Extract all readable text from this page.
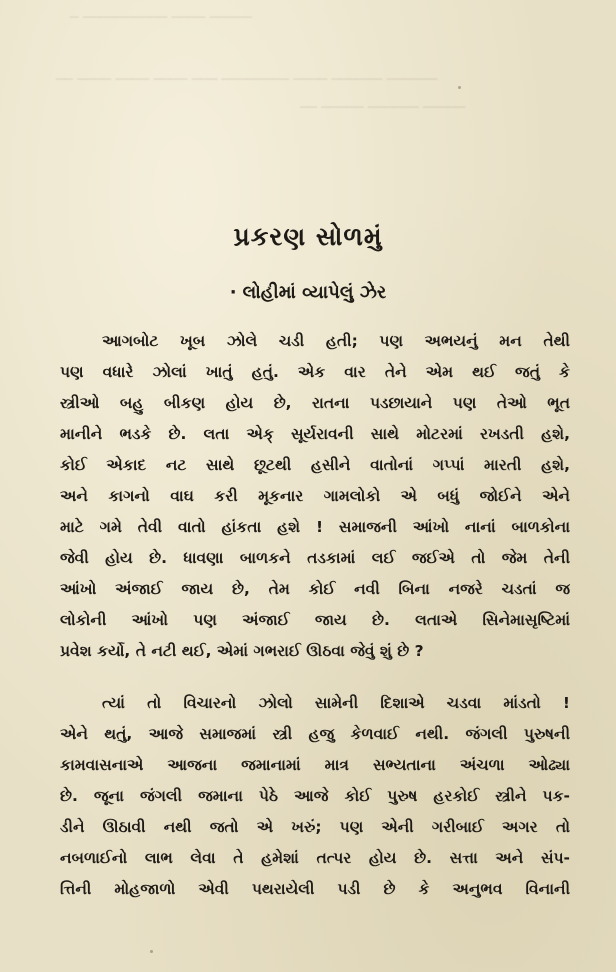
───── ──── ────────── ─
────── ────── ──── ──────── ─── ──── ──── ──── ──
───── ────── ───── ──
પ્રકરણ સોળમું
· લોહીમાં વ્યાપેલું ઝેર
આગબોટ ખૂબ ઝોલે ચડી હતી; પણ અભયનું મન તેથી
પણ વધારે ઝોલાં ખાતું હતું. એક વાર તેને એમ થઈ જતું કે
સ્ત્રીઓ બહુ બીકણ હોય છે, રાતના પડછાયાને પણ તેઓ ભૂત
માનીને ભડકે છે. લતા એક્ સૂર્યરાવની સાથે મોટરમાં રખડતી હશે,
કોઈ એકાદ નટ સાથે છૂટથી હસીને વાતોનાં ગપ્પાં મારતી હશે,
અને કાગનો વાઘ કરી મૂકનાર ગામલોકો એ બધું જોઈને એને
માટે ગમે તેવી વાતો હાંકતા હશે ! સમાજની આંખો નાનાં બાળકોના
જેવી હોય છે. ધાવણા બાળકને તડકામાં લઈ જઈએ તો જેમ તેની
આંખો અંજાઈ જાય છે, તેમ કોઈ નવી બિના નજરે ચડતાં જ
લોકોની આંખો પણ અંજાઈ જાય છે. લતાએ સિનેમાસૃષ્ટિમાં
પ્રવેશ કર્યો, તે નટી થઈ, એમાં ગભરાઈ ઊઠવા જેવું શું છે ?
ત્યાં તો વિચારનો ઝોલો સામેની દિશાએ ચડવા માંડતો !
એને થતું, આજે સમાજમાં સ્ત્રી હજુ કેળવાઈ નથી. જંગલી પુરુષની
કામવાસનાએ આજના જમાનામાં માત્ર સભ્યતાના અંચળા ઓઢ્યા
છે. જૂના જંગલી જમાના પેઠે આજે કોઈ પુરુષ હરકોઈ સ્ત્રીને પક-
ડીને ઊઠાવી નથી જતો એ ખરું; પણ એની ગરીબાઈ અગર તો
નબળાઈનો લાભ લેવા તે હમેશાં તત્પર હોય છે. સત્તા અને સંપ-
ત્તિની મોહજાળો એવી પથરાયેલી પડી છે કે અનુભવ વિનાની
